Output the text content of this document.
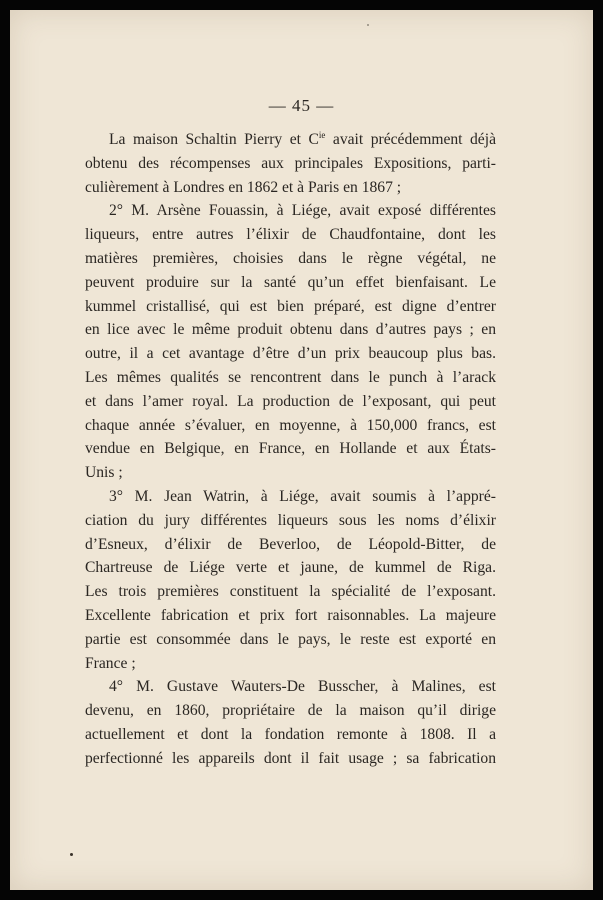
— 45 —

La maison Schaltin Pierry et $C^{ie}$ avait précédemment déjà
obtenu des récompenses aux principales Expositions, parti-
culièrement à Londres en 1862 et à Paris en 1867 ;

2° M. Arsène Fouassin, à Liége, avait exposé différentes
liqueurs, entre autres l’élixir de Chaudfontaine, dont les
matières premières, choisies dans le règne végétal, ne
peuvent produire sur la santé qu’un effet bienfaisant. Le
kummel cristallisé, qui est bien préparé, est digne d’entrer
en lice avec le même produit obtenu dans d’autres pays ; en
outre, il a cet avantage d’être d’un prix beaucoup plus bas.
Les mêmes qualités se rencontrent dans le punch à l’arack
et dans l’amer royal. La production de l’exposant, qui peut
chaque année s’évaluer, en moyenne, à 150,000 francs, est
vendue en Belgique, en France, en Hollande et aux États-
Unis ;

3° M. Jean Watrin, à Liége, avait soumis à l’appré-
ciation du jury différentes liqueurs sous les noms d’élixir
d’Esneux, d’élixir de Beverloo, de Léopold-Bitter, de
Chartreuse de Liége verte et jaune, de kummel de Riga.
Les trois premières constituent la spécialité de l’exposant.
Excellente fabrication et prix fort raisonnables. La majeure
partie est consommée dans le pays, le reste est exporté en
France ;

4° M. Gustave Wauters-De Busscher, à Malines, est
devenu, en 1860, propriétaire de la maison qu’il dirige
actuellement et dont la fondation remonte à 1808. Il a
perfectionné les appareils dont il fait usage ; sa fabrication
